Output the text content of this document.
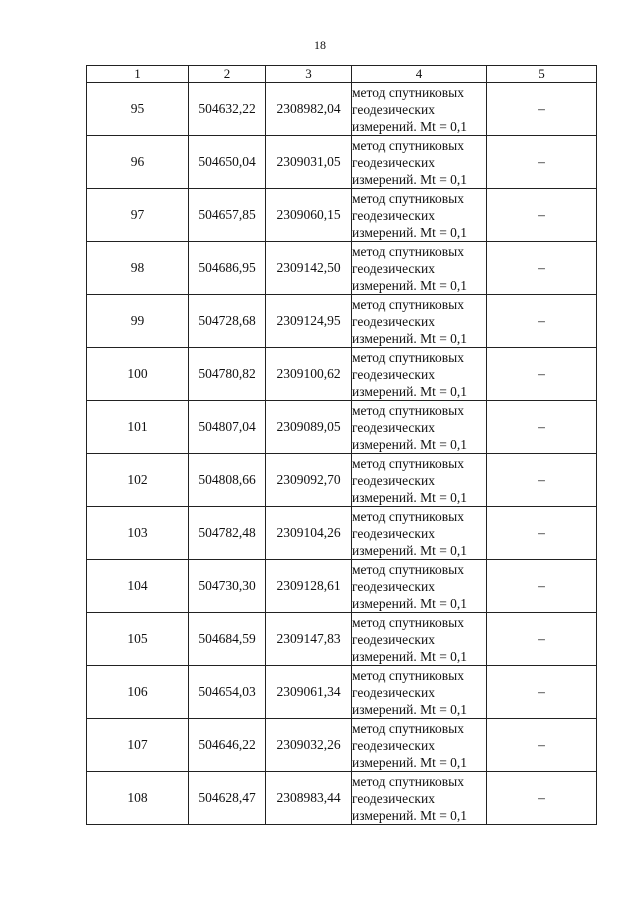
18
1	2	3	4	5
95	504632,22	2308982,04	метод спутниковых
геодезических
измерений. Mt = 0,1	–
96	504650,04	2309031,05	метод спутниковых
геодезических
измерений. Mt = 0,1	–
97	504657,85	2309060,15	метод спутниковых
геодезических
измерений. Mt = 0,1	–
98	504686,95	2309142,50	метод спутниковых
геодезических
измерений. Mt = 0,1	–
99	504728,68	2309124,95	метод спутниковых
геодезических
измерений. Mt = 0,1	–
100	504780,82	2309100,62	метод спутниковых
геодезических
измерений. Mt = 0,1	–
101	504807,04	2309089,05	метод спутниковых
геодезических
измерений. Mt = 0,1	–
102	504808,66	2309092,70	метод спутниковых
геодезических
измерений. Mt = 0,1	–
103	504782,48	2309104,26	метод спутниковых
геодезических
измерений. Mt = 0,1	–
104	504730,30	2309128,61	метод спутниковых
геодезических
измерений. Mt = 0,1	–
105	504684,59	2309147,83	метод спутниковых
геодезических
измерений. Mt = 0,1	–
106	504654,03	2309061,34	метод спутниковых
геодезических
измерений. Mt = 0,1	–
107	504646,22	2309032,26	метод спутниковых
геодезических
измерений. Mt = 0,1	–
108	504628,47	2308983,44	метод спутниковых
геодезических
измерений. Mt = 0,1	–
